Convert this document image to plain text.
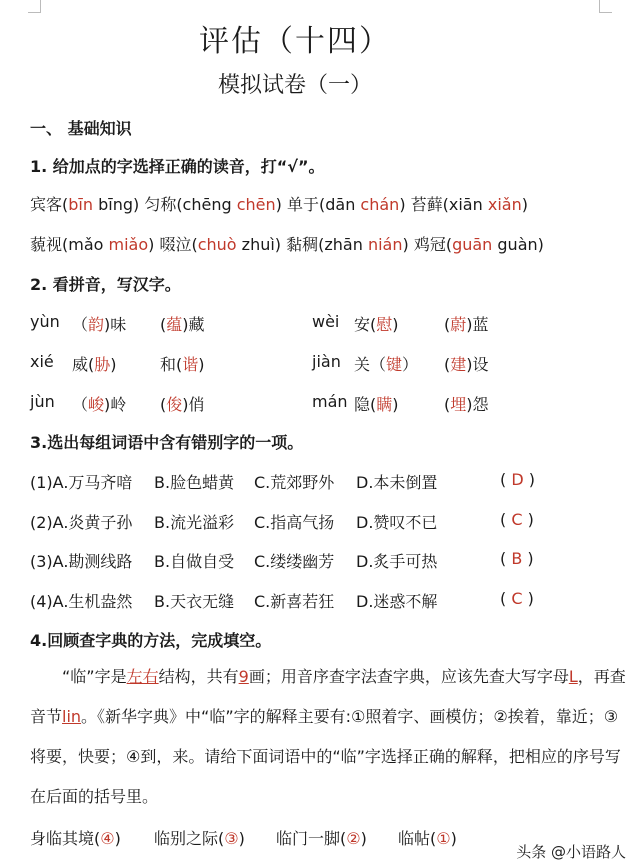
评估（十四）
模拟试卷（一）
一、 基础知识
1. 给加点的字选择正确的读音，打“√”。
宾客(bīn bīng) 匀称(chēng chēn) 单于(dān chán) 苔藓(xiān xiǎn)
藐视(mǎo miǎo) 啜泣(chuò zhuì) 黏稠(zhān nián) 鸡冠(guān guàn)
2. 看拼音，写汉字。
yùn （韵)味 (蕴)藏	wèi 安(慰)	(蔚)蓝
xié 威(胁)	和(谐)	jiàn 关（键） (建)设
jùn （峻)岭 (俊)俏	mán 隐(瞒)	(埋)怨
3.选出每组词语中含有错别字的一项。
(1)A.万马齐喑 B.脸色蜡黄 C.荒郊野外 D.本未倒置	( D )
(2)A.炎黄子孙 B.流光溢彩 C.指高气扬 D.赞叹不已	( C )
(3)A.勘测线路 B.自做自受 C.缕缕幽芳 D.炙手可热	( B )
(4)A.生机盎然 B.天衣无缝 C.新喜若狂 D.迷惑不解	( C )
4.回顾查字典的方法，完成填空。
“临”字是左右结构，共有9画；用音序查字法查字典，应该先查大写字母L，再查音节lin。《新华字典》中“临”字的解释主要有:①照着字、画模仿；②挨着，靠近；③将要，快要；④到，来。请给下面词语中的“临”字选择正确的解释，把相应的序号写在后面的括号里。
身临其境(④) 临别之际(③) 临门一脚(②) 临帖(①)
头条 @小语路人
